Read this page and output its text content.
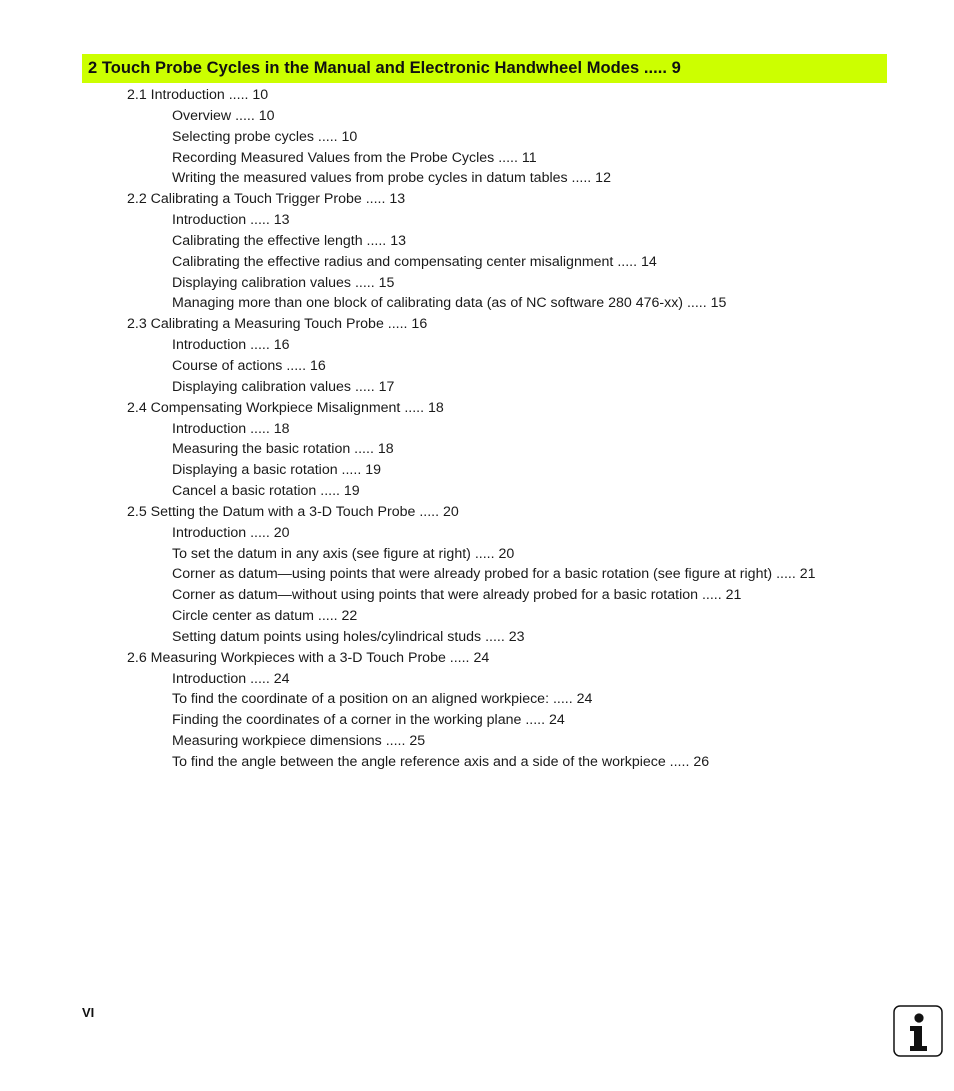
2 Touch Probe Cycles in the Manual and Electronic Handwheel Modes ..... 9
2.1 Introduction ..... 10
Overview ..... 10
Selecting probe cycles ..... 10
Recording Measured Values from the Probe Cycles ..... 11
Writing the measured values from probe cycles in datum tables ..... 12
2.2 Calibrating a Touch Trigger Probe ..... 13
Introduction ..... 13
Calibrating the effective length ..... 13
Calibrating the effective radius and compensating center misalignment ..... 14
Displaying calibration values ..... 15
Managing more than one block of calibrating data (as of NC software 280 476-xx) ..... 15
2.3 Calibrating a Measuring Touch Probe ..... 16
Introduction ..... 16
Course of actions ..... 16
Displaying calibration values ..... 17
2.4 Compensating Workpiece Misalignment ..... 18
Introduction ..... 18
Measuring the basic rotation ..... 18
Displaying a basic rotation ..... 19
Cancel a basic rotation ..... 19
2.5 Setting the Datum with a 3-D Touch Probe ..... 20
Introduction ..... 20
To set the datum in any axis (see figure at right) ..... 20
Corner as datum—using points that were already probed for a basic rotation (see figure at right) ..... 21
Corner as datum—without using points that were already probed for a basic rotation ..... 21
Circle center as datum ..... 22
Setting datum points using holes/cylindrical studs ..... 23
2.6 Measuring Workpieces with a 3-D Touch Probe ..... 24
Introduction ..... 24
To find the coordinate of a position on an aligned workpiece: ..... 24
Finding the coordinates of a corner in the working plane ..... 24
Measuring workpiece dimensions ..... 25
To find the angle between the angle reference axis and a side of the workpiece ..... 26
VI
